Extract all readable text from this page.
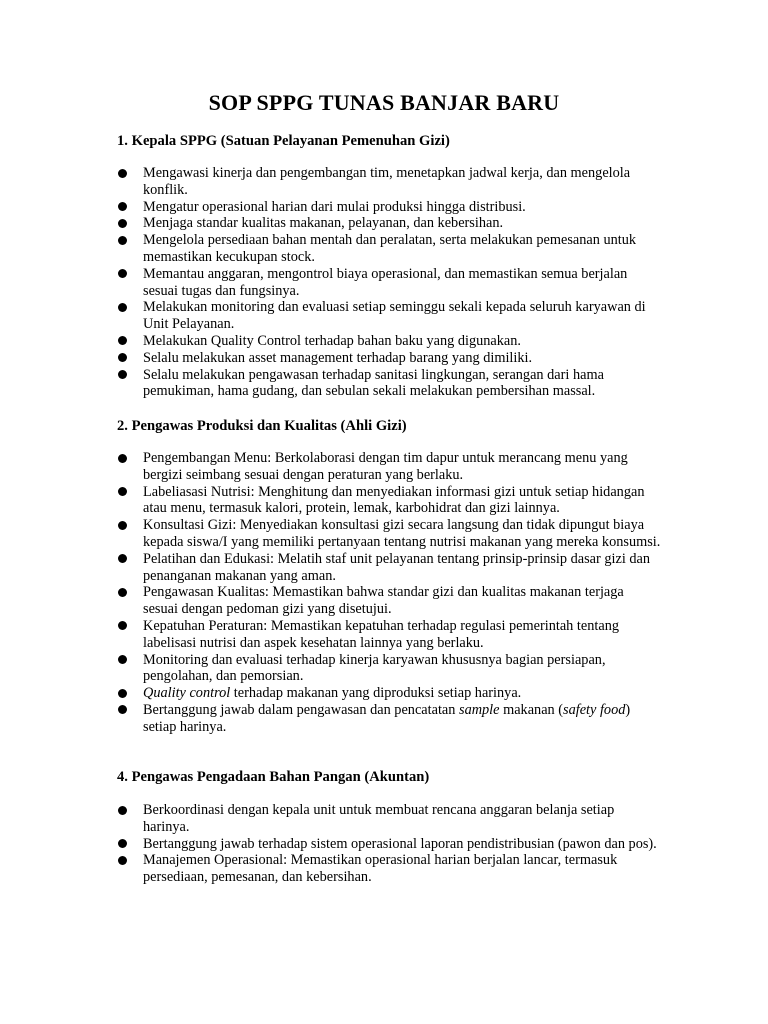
SOP SPPG TUNAS BANJAR BARU
1. Kepala SPPG (Satuan Pelayanan Pemenuhan Gizi)
Mengawasi kinerja dan pengembangan tim, menetapkan jadwal kerja, dan mengelola konflik.
Mengatur operasional harian dari mulai produksi hingga distribusi.
Menjaga standar kualitas makanan, pelayanan, dan kebersihan.
Mengelola persediaan bahan mentah dan peralatan, serta melakukan pemesanan untuk memastikan kecukupan stock.
Memantau anggaran, mengontrol biaya operasional, dan memastikan semua berjalan sesuai tugas dan fungsinya.
Melakukan monitoring dan evaluasi setiap seminggu sekali kepada seluruh karyawan di Unit Pelayanan.
Melakukan Quality Control terhadap bahan baku yang digunakan.
Selalu melakukan asset management terhadap barang yang dimiliki.
Selalu melakukan pengawasan terhadap sanitasi lingkungan, serangan dari hama pemukiman, hama gudang, dan sebulan sekali melakukan pembersihan massal.
2. Pengawas Produksi dan Kualitas (Ahli Gizi)
Pengembangan Menu: Berkolaborasi dengan tim dapur untuk merancang menu yang bergizi seimbang sesuai dengan peraturan yang berlaku.
Labeliasasi Nutrisi: Menghitung dan menyediakan informasi gizi untuk setiap hidangan atau menu, termasuk kalori, protein, lemak, karbohidrat dan gizi lainnya.
Konsultasi Gizi: Menyediakan konsultasi gizi secara langsung dan tidak dipungut biaya kepada siswa/I yang memiliki pertanyaan tentang nutrisi makanan yang mereka konsumsi.
Pelatihan dan Edukasi: Melatih staf unit pelayanan tentang prinsip-prinsip dasar gizi dan penanganan makanan yang aman.
Pengawasan Kualitas: Memastikan bahwa standar gizi dan kualitas makanan terjaga sesuai dengan pedoman gizi yang disetujui.
Kepatuhan Peraturan: Memastikan kepatuhan terhadap regulasi pemerintah tentang labelisasi nutrisi dan aspek kesehatan lainnya yang berlaku.
Monitoring dan evaluasi terhadap kinerja karyawan khususnya bagian persiapan, pengolahan, dan pemorsian.
Quality control terhadap makanan yang diproduksi setiap harinya.
Bertanggung jawab dalam pengawasan dan pencatatan sample makanan (safety food) setiap harinya.
4. Pengawas Pengadaan Bahan Pangan (Akuntan)
Berkoordinasi dengan kepala unit untuk membuat rencana anggaran belanja setiap harinya.
Bertanggung jawab terhadap sistem operasional laporan pendistribusian (pawon dan pos).
Manajemen Operasional: Memastikan operasional harian berjalan lancar, termasuk persediaan, pemesanan, dan kebersihan.
